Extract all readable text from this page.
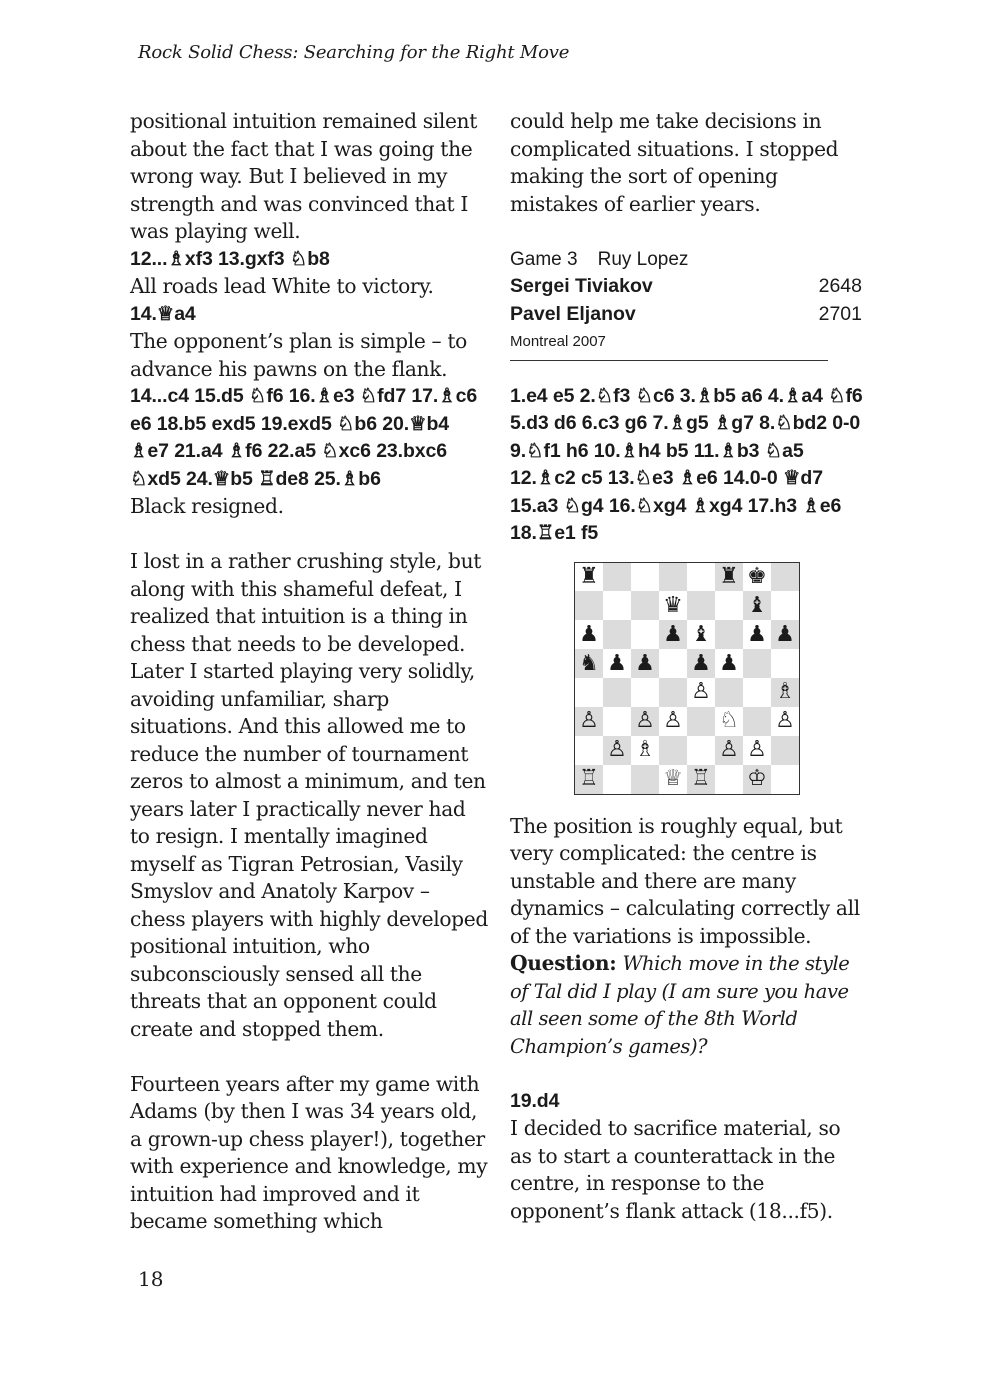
Rock Solid Chess: Searching for the Right Move

positional intuition remained silent about the fact that I was going the wrong way. But I believed in my strength and was convinced that I was playing well.

12...♗xf3 13.gxf3 ♘b8

All roads lead White to victory.

14.♕a4

The opponent’s plan is simple – to advance his pawns on the flank.

14...c4 15.d5 ♘f6 16.♗e3 ♘fd7 17.♗c6 e6 18.b5 exd5 19.exd5 ♘b6 20.♕b4 ♗e7 21.a4 ♗f6 22.a5 ♘xc6 23.bxc6 ♘xd5 24.♕b5 ♖de8 25.♗b6

Black resigned.

I lost in a rather crushing style, but along with this shameful defeat, I realized that intuition is a thing in chess that needs to be developed. Later I started playing very solidly, avoiding unfamiliar, sharp situations. And this allowed me to reduce the number of tournament zeros to almost a minimum, and ten years later I practically never had to resign. I mentally imagined myself as Tigran Petrosian, Vasily Smyslov and Anatoly Karpov – chess players with highly developed positional intuition, who subconsciously sensed all the threats that an opponent could create and stopped them.

Fourteen years after my game with Adams (by then I was 34 years old, a grown-up chess player!), together with experience and knowledge, my intuition had improved and it became something which

could help me take decisions in complicated situations. I stopped making the sort of opening mistakes of earlier years.

Game 3 Ruy Lopez

Sergei Tiviakov	2648
Pavel Eljanov	2701

Montreal 2007

1.e4 e5 2.♘f3 ♘c6 3.♗b5 a6 4.♗a4 ♘f6 5.d3 d6 6.c3 g6 7.♗g5 ♗g7 8.♘bd2 0-0 9.♘f1 h6 10.♗h4 b5 11.♗b3 ♘a5 12.♗c2 c5 13.♘e3 ♗e6 14.0-0 ♕d7 15.a3 ♘g4 16.♘xg4 ♗xg4 17.h3 ♗e6 18.♖e1 f5

♜	♜ ♚
♛	♝
♟	♟ ♝ ♟ ♟
♞ ♟ ♟ ♟ ♟
♙	♗
♙ ♙ ♙ ♘ ♙
♙ ♗	♙ ♙
♖	♕ ♖ ♔

The position is roughly equal, but very complicated: the centre is unstable and there are many dynamics – calculating correctly all of the variations is impossible.

Question: Which move in the style of Tal did I play (I am sure you have all seen some of the 8th World Champion’s games)?

19.d4

I decided to sacrifice material, so as to start a counterattack in the centre, in response to the opponent’s flank attack (18...f5).

18
